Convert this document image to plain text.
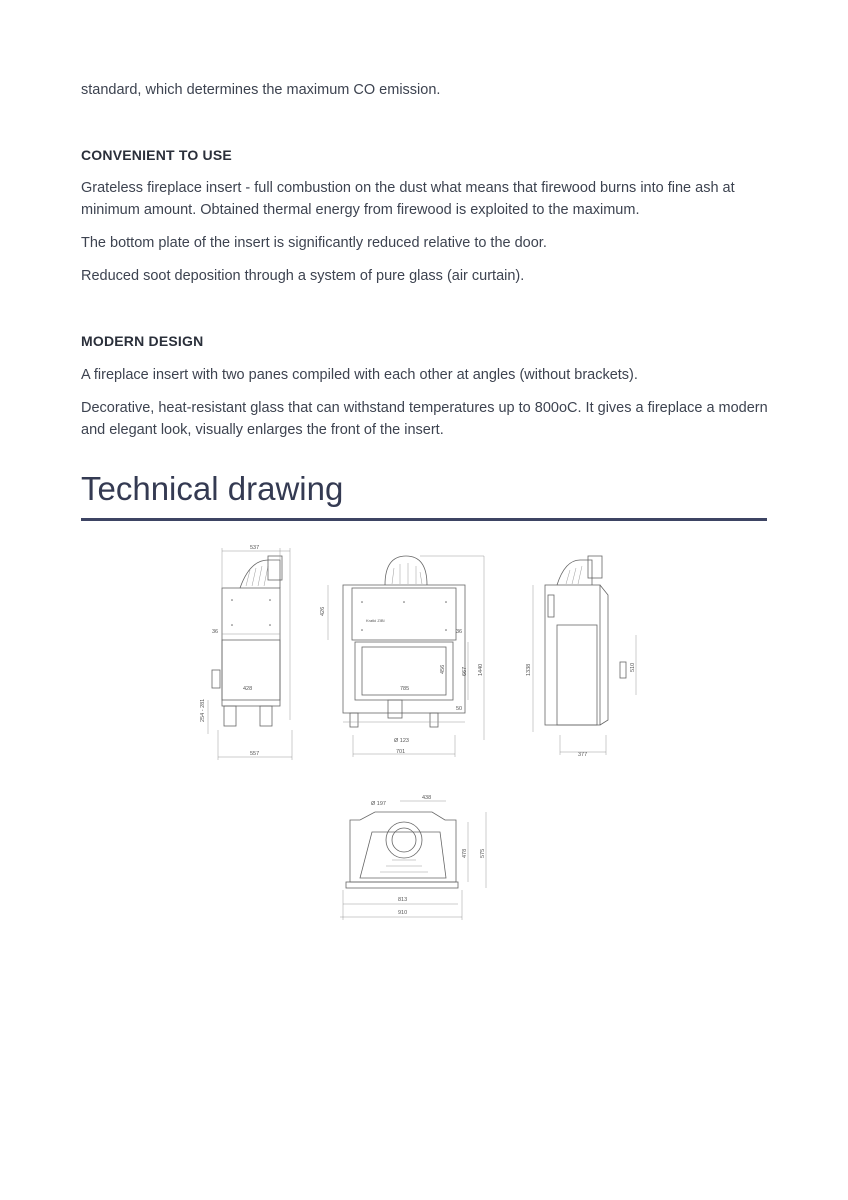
standard, which determines the maximum CO emission.

CONVENIENT TO USE

Grateless fireplace insert - full combustion on the dust what means that firewood burns into fine ash at minimum amount. Obtained thermal energy from firewood is exploited to the maximum.

The bottom plate of the insert is significantly reduced relative to the door.

Reduced soot deposition through a system of pure glass (air curtain).

MODERN DESIGN

A fireplace insert with two panes compiled with each other at angles (without brackets).

Decorative, heat-resistant glass that can withstand temperatures up to 800oC. It gives a fireplace a modern and elegant look, visually enlarges the front of the insert.

Technical drawing
537
36
428
254 - 281
557
426
Kratki ZIBI
36
667
456	1440
785
50
Ø 123
701
1338	510
377
438
Ø 197
478 575
813
910
